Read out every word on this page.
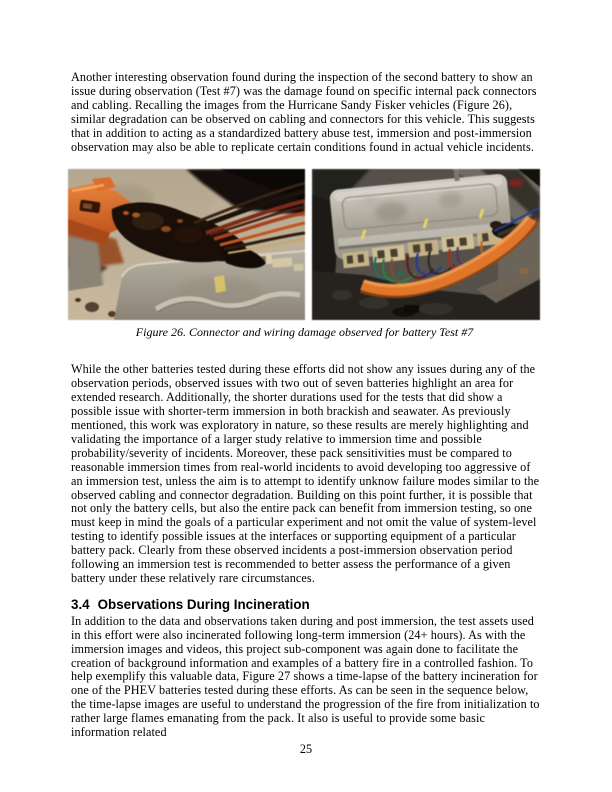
Another interesting observation found during the inspection of the second battery to show an issue during observation (Test #7) was the damage found on specific internal pack connectors and cabling. Recalling the images from the Hurricane Sandy Fisker vehicles (Figure 26), similar degradation can be observed on cabling and connectors for this vehicle. This suggests that in addition to acting as a standardized battery abuse test, immersion and post-immersion observation may also be able to replicate certain conditions found in actual vehicle incidents.

Figure 26. Connector and wiring damage observed for battery Test #7

While the other batteries tested during these efforts did not show any issues during any of the observation periods, observed issues with two out of seven batteries highlight an area for extended research. Additionally, the shorter durations used for the tests that did show a possible issue with shorter-term immersion in both brackish and seawater. As previously mentioned, this work was exploratory in nature, so these results are merely highlighting and validating the importance of a larger study relative to immersion time and possible probability/severity of incidents. Moreover, these pack sensitivities must be compared to reasonable immersion times from real-world incidents to avoid developing too aggressive of an immersion test, unless the aim is to attempt to identify unknow failure modes similar to the observed cabling and connector degradation. Building on this point further, it is possible that not only the battery cells, but also the entire pack can benefit from immersion testing, so one must keep in mind the goals of a particular experiment and not omit the value of system-level testing to identify possible issues at the interfaces or supporting equipment of a particular battery pack. Clearly from these observed incidents a post-immersion observation period following an immersion test is recommended to better assess the performance of a given battery under these relatively rare circumstances.

3.4 Observations During Incineration

In addition to the data and observations taken during and post immersion, the test assets used in this effort were also incinerated following long-term immersion (24+ hours). As with the immersion images and videos, this project sub-component was again done to facilitate the creation of background information and examples of a battery fire in a controlled fashion. To help exemplify this valuable data, Figure 27 shows a time-lapse of the battery incineration for one of the PHEV batteries tested during these efforts. As can be seen in the sequence below, the time-lapse images are useful to understand the progression of the fire from initialization to rather large flames emanating from the pack. It also is useful to provide some basic information related

25
